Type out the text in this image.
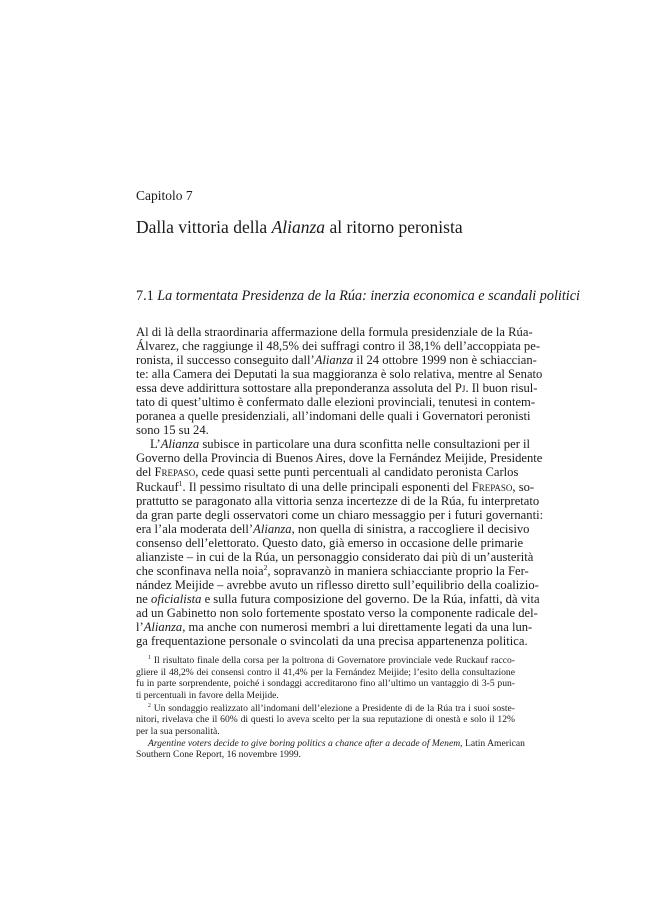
Capitolo 7
Dalla vittoria della Alianza al ritorno peronista
7.1 La tormentata Presidenza de la Rúa: inerzia economica e scandali politici
Al di là della straordinaria affermazione della formula presidenziale de la Rúa-
Álvarez, che raggiunge il 48,5% dei suffragi contro il 38,1% dell’accoppiata pe-
ronista, il successo conseguito dall’Alianza il 24 ottobre 1999 non è schiaccian-
te: alla Camera dei Deputati la sua maggioranza è solo relativa, mentre al Senato
essa deve addirittura sottostare alla preponderanza assoluta del Pj. Il buon risul-
tato di quest’ultimo è confermato dalle elezioni provinciali, tenutesi in contem-
poranea a quelle presidenziali, all’indomani delle quali i Governatori peronisti
sono 15 su 24.
L’Alianza subisce in particolare una dura sconfitta nelle consultazioni per il
Governo della Provincia di Buenos Aires, dove la Fernández Meijide, Presidente
del Frepaso, cede quasi sette punti percentuali al candidato peronista Carlos
Ruckauf$^1$. Il pessimo risultato di una delle principali esponenti del Frepaso, so-
prattutto se paragonato alla vittoria senza incertezze di de la Rúa, fu interpretato
da gran parte degli osservatori come un chiaro messaggio per i futuri governanti:
era l’ala moderata dell’Alianza, non quella di sinistra, a raccogliere il decisivo
consenso dell’elettorato. Questo dato, già emerso in occasione delle primarie
alianziste – in cui de la Rúa, un personaggio considerato dai più di un’austerità
che sconfinava nella noia$^2$, sopravanzò in maniera schiacciante proprio la Fer-
nández Meijide – avrebbe avuto un riflesso diretto sull’equilibrio della coalizio-
ne oficialista e sulla futura composizione del governo. De la Rúa, infatti, dà vita
ad un Gabinetto non solo fortemente spostato verso la componente radicale del-
l’Alianza, ma anche con numerosi membri a lui direttamente legati da una lun-
ga frequentazione personale o svincolati da una precisa appartenenza politica.
$^1$ Il risultato finale della corsa per la poltrona di Governatore provinciale vede Ruckauf racco-
gliere il 48,2% dei consensi contro il 41,4% per la Fernández Meijide; l’esito della consultazione
fu in parte sorprendente, poiché i sondaggi accreditarono fino all’ultimo un vantaggio di 3-5 pun-
ti percentuali in favore della Meijide.
$^2$ Un sondaggio realizzato all’indomani dell’elezione a Presidente di de la Rúa tra i suoi soste-
nitori, rivelava che il 60% di questi lo aveva scelto per la sua reputazione di onestà e solo il 12%
per la sua personalità.
Argentine voters decide to give boring politics a chance after a decade of Menem, Latin American
Southern Cone Report, 16 novembre 1999.
